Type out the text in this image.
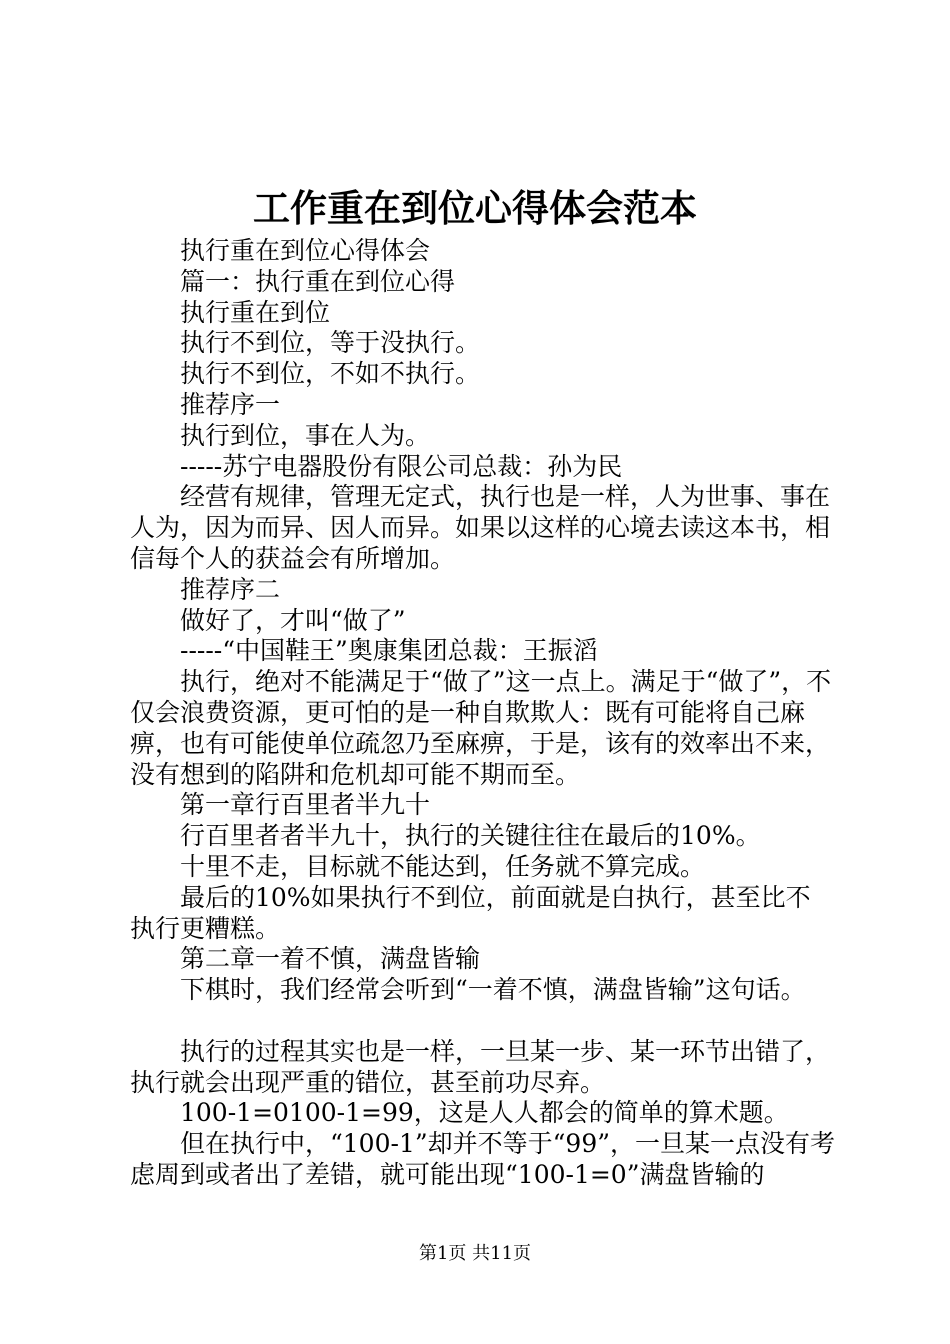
工作重在到位心得体会范本

执行重在到位心得体会

篇一：执行重在到位心得

执行重在到位

执行不到位，等于没执行。

执行不到位，不如不执行。

推荐序一

执行到位，事在人为。

-----苏宁电器股份有限公司总裁：孙为民

经营有规律，管理无定式，执行也是一样，人为世事、事在人为，因为而异、因人而异。如果以这样的心境去读这本书，相信每个人的获益会有所增加。

推荐序二

做好了，才叫“做了”

-----“中国鞋王”奥康集团总裁：王振滔

执行，绝对不能满足于“做了”这一点上。满足于“做了”，不仅会浪费资源，更可怕的是一种自欺欺人：既有可能将自己麻痹，也有可能使单位疏忽乃至麻痹，于是，该有的效率出不来，没有想到的陷阱和危机却可能不期而至。

第一章行百里者半九十

行百里者者半九十，执行的关键往往在最后的10%。

十里不走，目标就不能达到，任务就不算完成。

最后的10%如果执行不到位，前面就是白执行，甚至比不执行更糟糕。

第二章一着不慎，满盘皆输

下棋时，我们经常会听到“一着不慎，满盘皆输”这句话。

执行的过程其实也是一样，一旦某一步、某一环节出错了，执行就会出现严重的错位，甚至前功尽弃。

100-1=0100-1=99，这是人人都会的简单的算术题。

但在执行中，“100-1”却并不等于“99”，一旦某一点没有考虑周到或者出了差错，就可能出现“100-1=0”满盘皆输的

第1页 共11页
